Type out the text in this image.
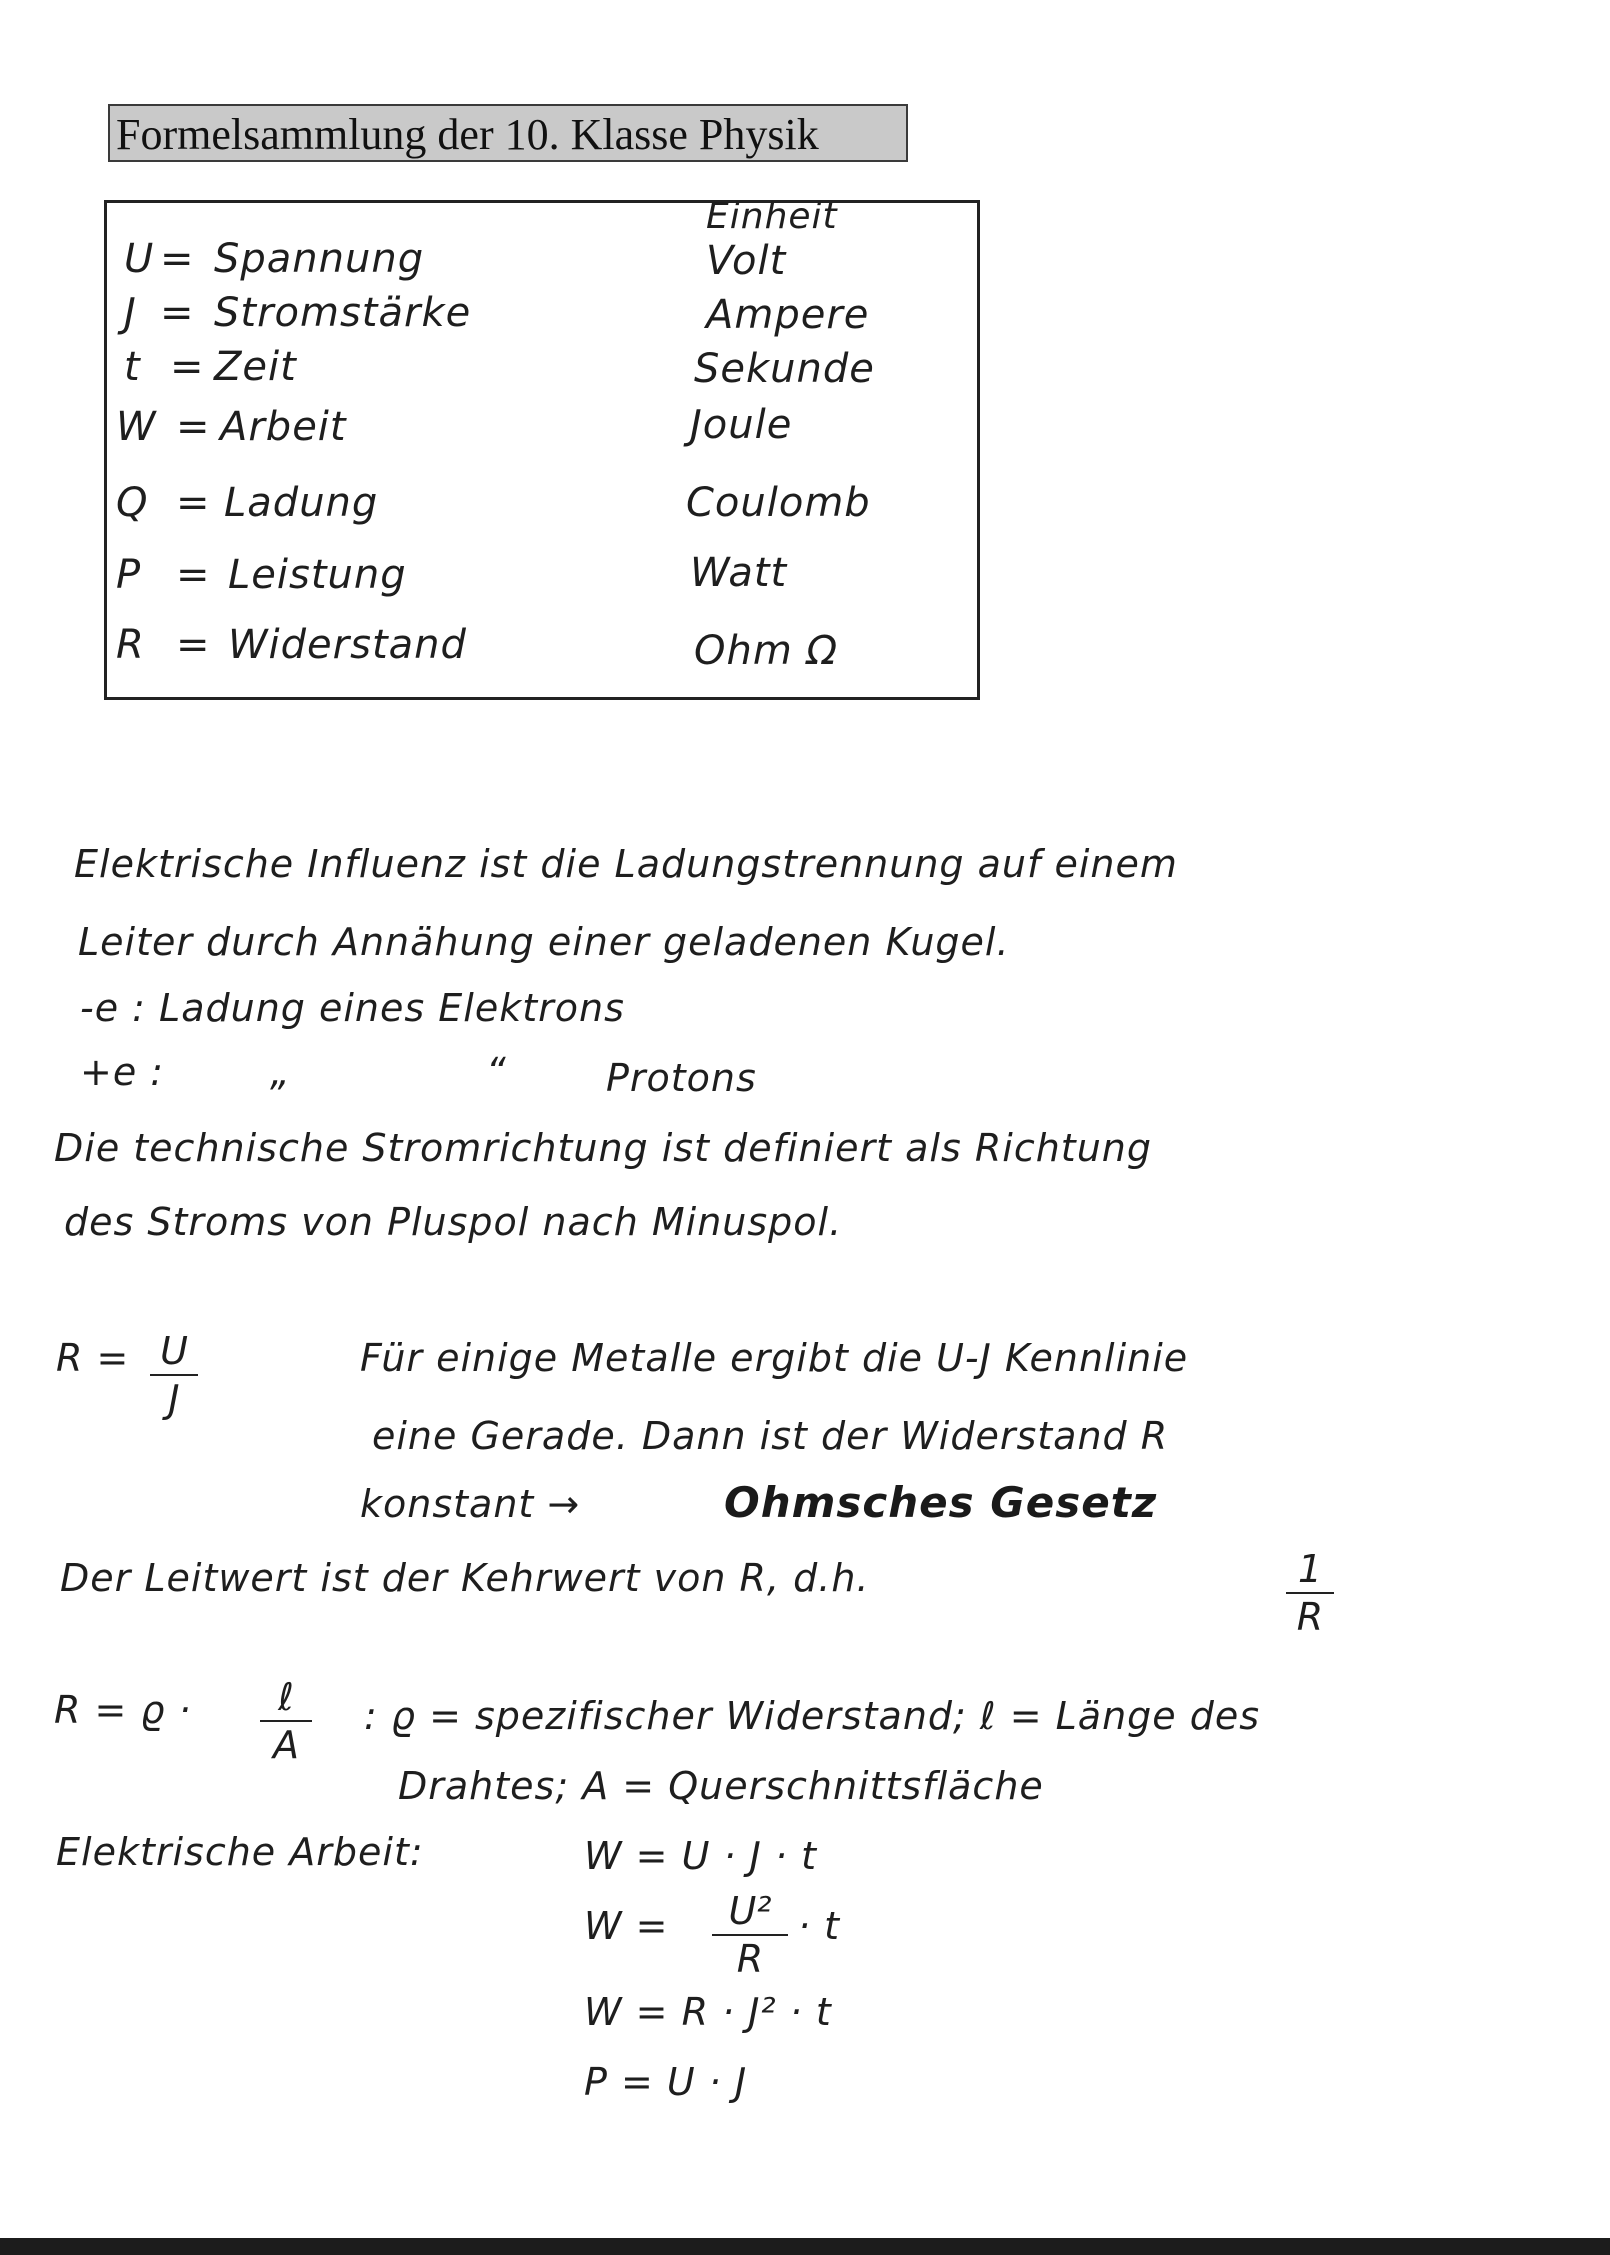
Formelsammlung der 10. Klasse Physik
Einheit
U = Spannung	Volt
J = Stromstärke	Ampere
t = Zeit	Sekunde
W = Arbeit	Joule
Q = Ladung	Coulomb
P = Leistung	Watt
R = Widerstand	Ohm Ω
Elektrische Influenz ist die Ladungstrennung auf einem
Leiter durch Annähung einer geladenen Kugel.
-e : Ladung eines Elektrons
+e :	„	“	Protons
Die technische Stromrichtung ist definiert als Richtung
des Stroms von Pluspol nach Minuspol.
R = U
J
Für einige Metalle ergibt die U-J Kennlinie
eine Gerade. Dann ist der Widerstand R
konstant →	Ohmsches Gesetz
Der Leitwert ist der Kehrwert von R, d.h.	1
R
R = ϱ ·	ℓ
A
: ϱ = spezifischer Widerstand; ℓ = Länge des
Drahtes; A = Querschnittsfläche
Elektrische Arbeit:	W = U · J · t
W =	U²
R
· t
W = R · J² · t
P = U · J
